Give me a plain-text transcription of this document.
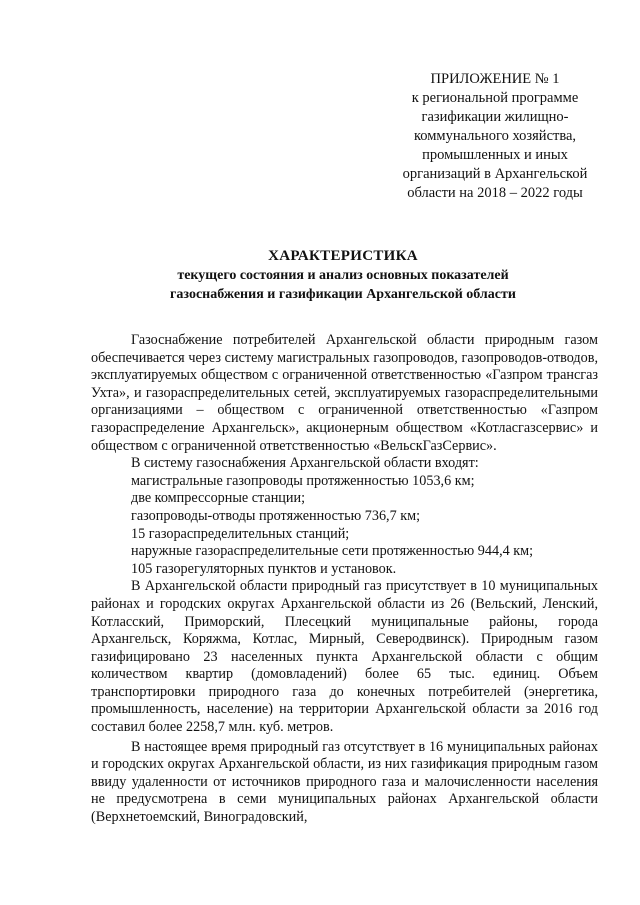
ПРИЛОЖЕНИЕ № 1
к региональной программе
газификации жилищно-
коммунального хозяйства,
промышленных и иных
организаций в Архангельской
области на 2018 – 2022 годы
ХАРАКТЕРИСТИКА
текущего состояния и анализ основных показателей
газоснабжения и газификации Архангельской области

Газоснабжение потребителей Архангельской области природным газом обеспечивается через систему магистральных газопроводов, газопроводов-отводов, эксплуатируемых обществом с ограниченной ответственностью «Газпром трансгаз Ухта», и газораспределительных сетей, эксплуатируемых газораспределительными организациями – обществом с ограниченной ответственностью «Газпром газораспределение Архангельск», акционерным обществом «Котласгазсервис» и обществом с ограниченной ответственностью «ВельскГазСервис».

В систему газоснабжения Архангельской области входят:

магистральные газопроводы протяженностью 1053,6 км;
две компрессорные станции;
газопроводы-отводы протяженностью 736,7 км;
15 газораспределительных станций;
наружные газораспределительные сети протяженностью 944,4 км;
105 газорегуляторных пунктов и установок.

В Архангельской области природный газ присутствует в 10 муниципальных районах и городских округах Архангельской области из 26 (Вельский, Ленский, Котласский, Приморский, Плесецкий муниципальные районы, города Архангельск, Коряжма, Котлас, Мирный, Северодвинск). Природным газом газифицировано 23 населенных пункта Архангельской области с общим количеством квартир (домовладений) более 65 тыс. единиц. Объем транспортировки природного газа до конечных потребителей (энергетика, промышленность, население) на территории Архангельской области за 2016 год составил более 2258,7 млн. куб. метров.

В настоящее время природный газ отсутствует в 16 муниципальных районах и городских округах Архангельской области, из них газификация природным газом ввиду удаленности от источников природного газа и малочисленности населения не предусмотрена в семи муниципальных районах Архангельской области (Верхнетоемский, Виноградовский,
